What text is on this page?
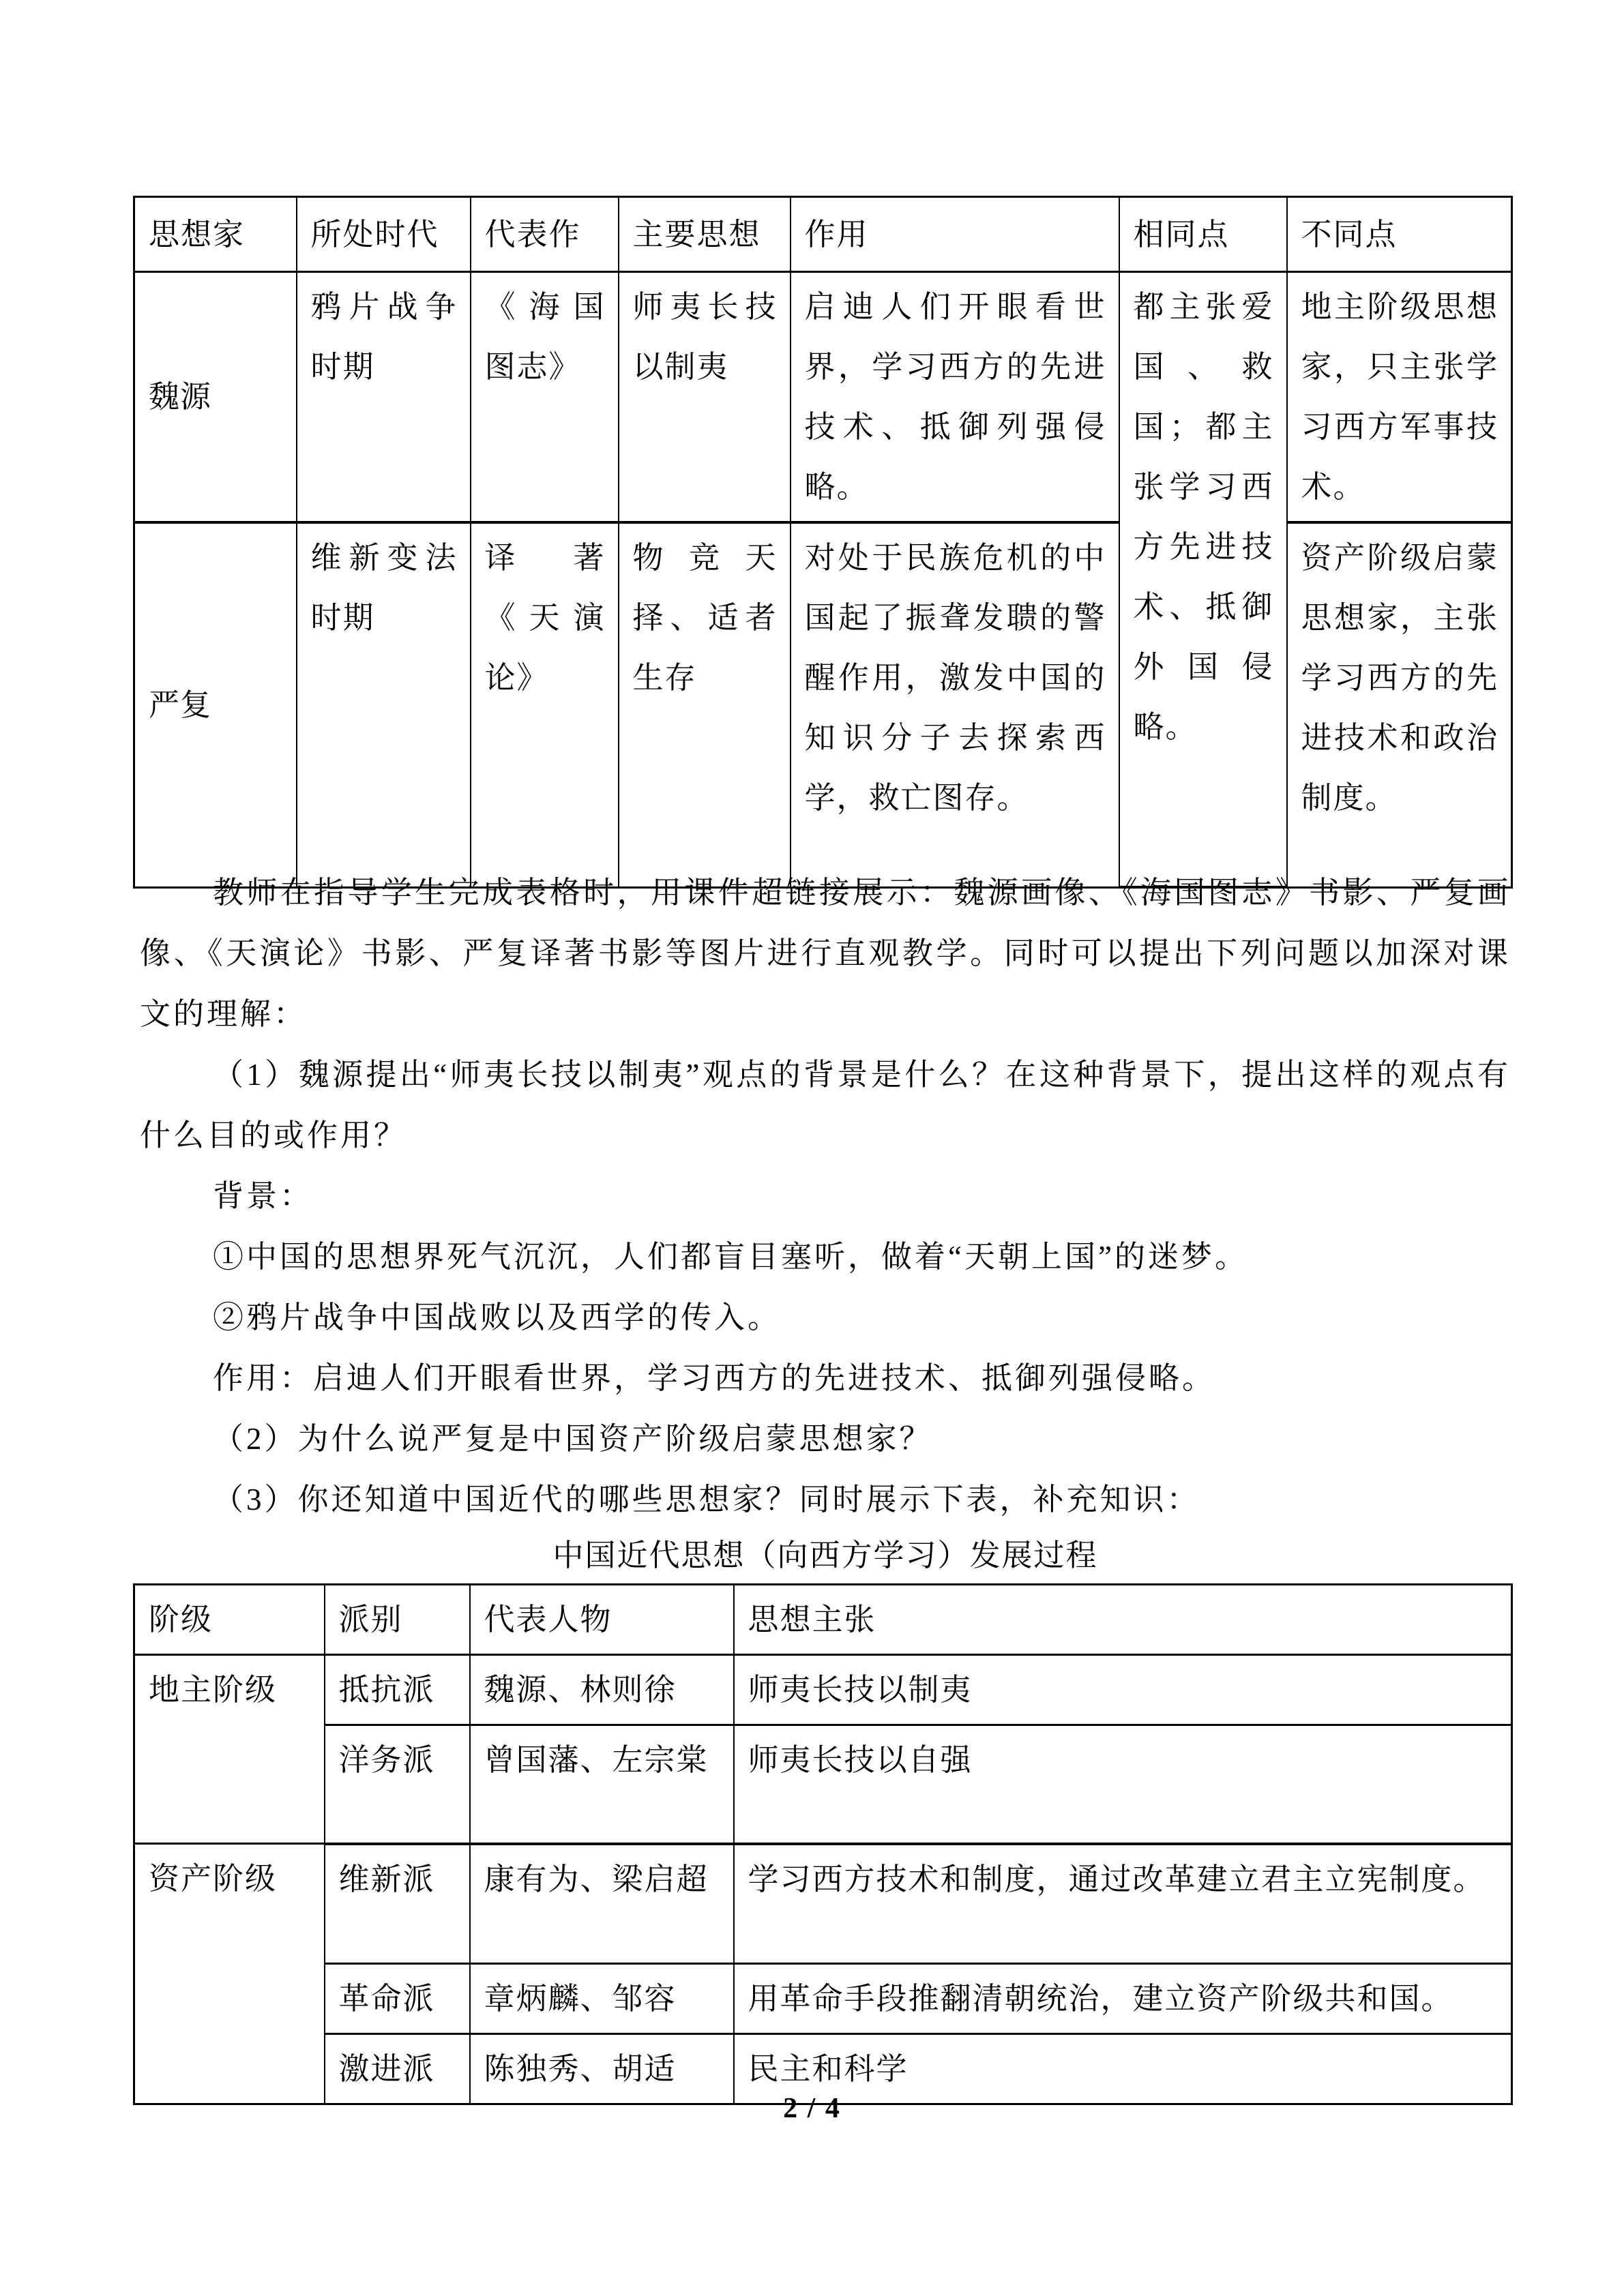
思想家	所处时代	代表作	主要思想	作用	相同点	不同点
魏源	鸦片战争时期	《海国图志》	师夷长技以制夷	启迪人们开眼看世界，学习西方的先进技术、抵御列强侵略。	都主张爱国、救国；都主张学习西方先进技术、抵御外国侵略。	地主阶级思想家，只主张学习西方军事技术。
严复	维新变法时期	译著《天演论》	物竞天择、适者生存	对处于民族危机的中国起了振聋发聩的警醒作用，激发中国的知识分子去探索西学，救亡图存。		资产阶级启蒙思想家，主张学习西方的先进技术和政治制度。

教师在指导学生完成表格时，用课件超链接展示：魏源画像、《海国图志》书影、严复画像、《天演论》书影、严复译著书影等图片进行直观教学。同时可以提出下列问题以加深对课文的理解：

（1）魏源提出“师夷长技以制夷”观点的背景是什么？在这种背景下，提出这样的观点有什么目的或作用？

背景：

①中国的思想界死气沉沉，人们都盲目塞听，做着“天朝上国”的迷梦。

②鸦片战争中国战败以及西学的传入。

作用：启迪人们开眼看世界，学习西方的先进技术、抵御列强侵略。

（2）为什么说严复是中国资产阶级启蒙思想家？

（3）你还知道中国近代的哪些思想家？同时展示下表，补充知识：

中国近代思想（向西方学习）发展过程
阶级	派别	代表人物	思想主张
地主阶级	抵抗派	魏源、林则徐	师夷长技以制夷
	洋务派	曾国藩、左宗棠	师夷长技以自强
资产阶级	维新派	康有为、梁启超	学习西方技术和制度，通过改革建立君主立宪制度。
	革命派	章炳麟、邹容	用革命手段推翻清朝统治，建立资产阶级共和国。
	激进派	陈独秀、胡适	民主和科学
2 / 4
